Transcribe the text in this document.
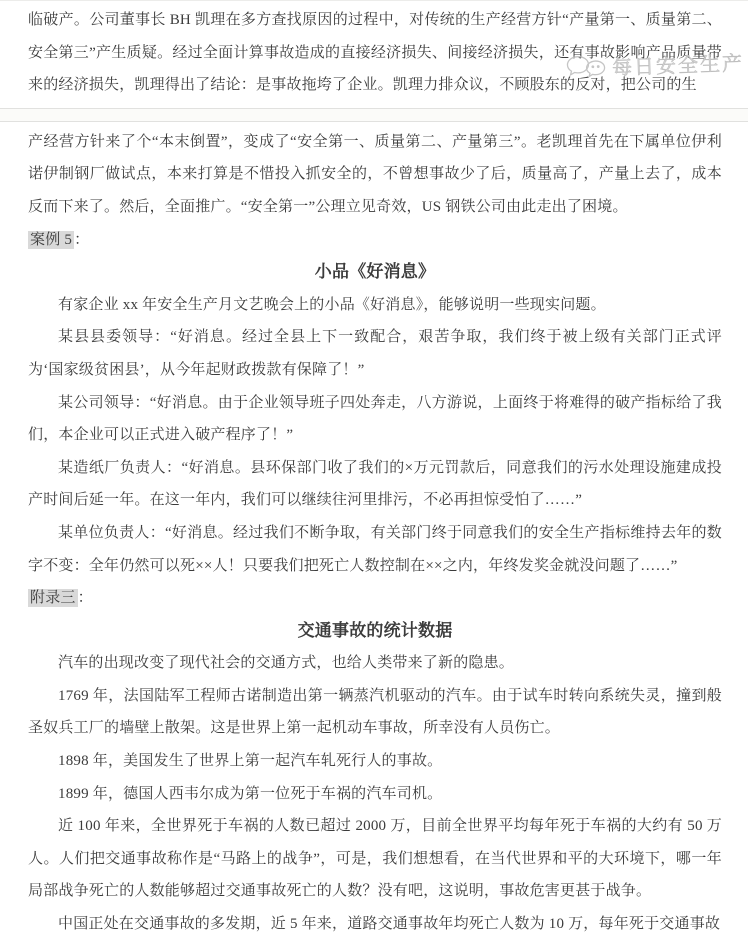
每日安全生产

临破产。公司董事长 BH 凯理在多方查找原因的过程中，对传统的生产经营方针“产量第一、质量第二、安全第三”产生质疑。经过全面计算事故造成的直接经济损失、间接经济损失，还有事故影响产品质量带来的经济损失，凯理得出了结论：是事故拖垮了企业。凯理力排众议，不顾股东的反对，把公司的生

产经营方针来了个“本末倒置”，变成了“安全第一、质量第二、产量第三”。老凯理首先在下属单位伊利诺伊制钢厂做试点，本来打算是不惜投入抓安全的，不曾想事故少了后，质量高了，产量上去了，成本反而下来了。然后，全面推广。“安全第一”公理立见奇效，US 钢铁公司由此走出了困境。

案例 5 ：

小品《好消息》

有家企业 xx 年安全生产月文艺晚会上的小品《好消息》，能够说明一些现实问题。

某县县委领导：“好消息。经过全县上下一致配合，艰苦争取，我们终于被上级有关部门正式评为‘国家级贫困县’，从今年起财政拨款有保障了！”

某公司领导：“好消息。由于企业领导班子四处奔走，八方游说，上面终于将难得的破产指标给了我们，本企业可以正式进入破产程序了！”

某造纸厂负责人：“好消息。县环保部门收了我们的×万元罚款后，同意我们的污水处理设施建成投产时间后延一年。在这一年内，我们可以继续往河里排污，不必再担惊受怕了……”

某单位负责人：“好消息。经过我们不断争取，有关部门终于同意我们的安全生产指标维持去年的数字不变：全年仍然可以死××人！只要我们把死亡人数控制在××之内，年终发奖金就没问题了……”

附录三 ：

交通事故的统计数据

汽车的出现改变了现代社会的交通方式，也给人类带来了新的隐患。

1769 年，法国陆军工程师古诺制造出第一辆蒸汽机驱动的汽车。由于试车时转向系统失灵，撞到般圣奴兵工厂的墙壁上散架。这是世界上第一起机动车事故，所幸没有人员伤亡。

1898 年，美国发生了世界上第一起汽车轧死行人的事故。

1899 年，德国人西韦尔成为第一位死于车祸的汽车司机。

近 100 年来，全世界死于车祸的人数已超过 2000 万，目前全世界平均每年死于车祸的大约有 50 万人。人们把交通事故称作是“马路上的战争”，可是，我们想想看，在当代世界和平的大环境下，哪一年局部战争死亡的人数能够超过交通事故死亡的人数？没有吧，这说明，事故危害更甚于战争。

中国正处在交通事故的多发期，近 5 年来，道路交通事故年均死亡人数为 10 万，每年死于交通事故
